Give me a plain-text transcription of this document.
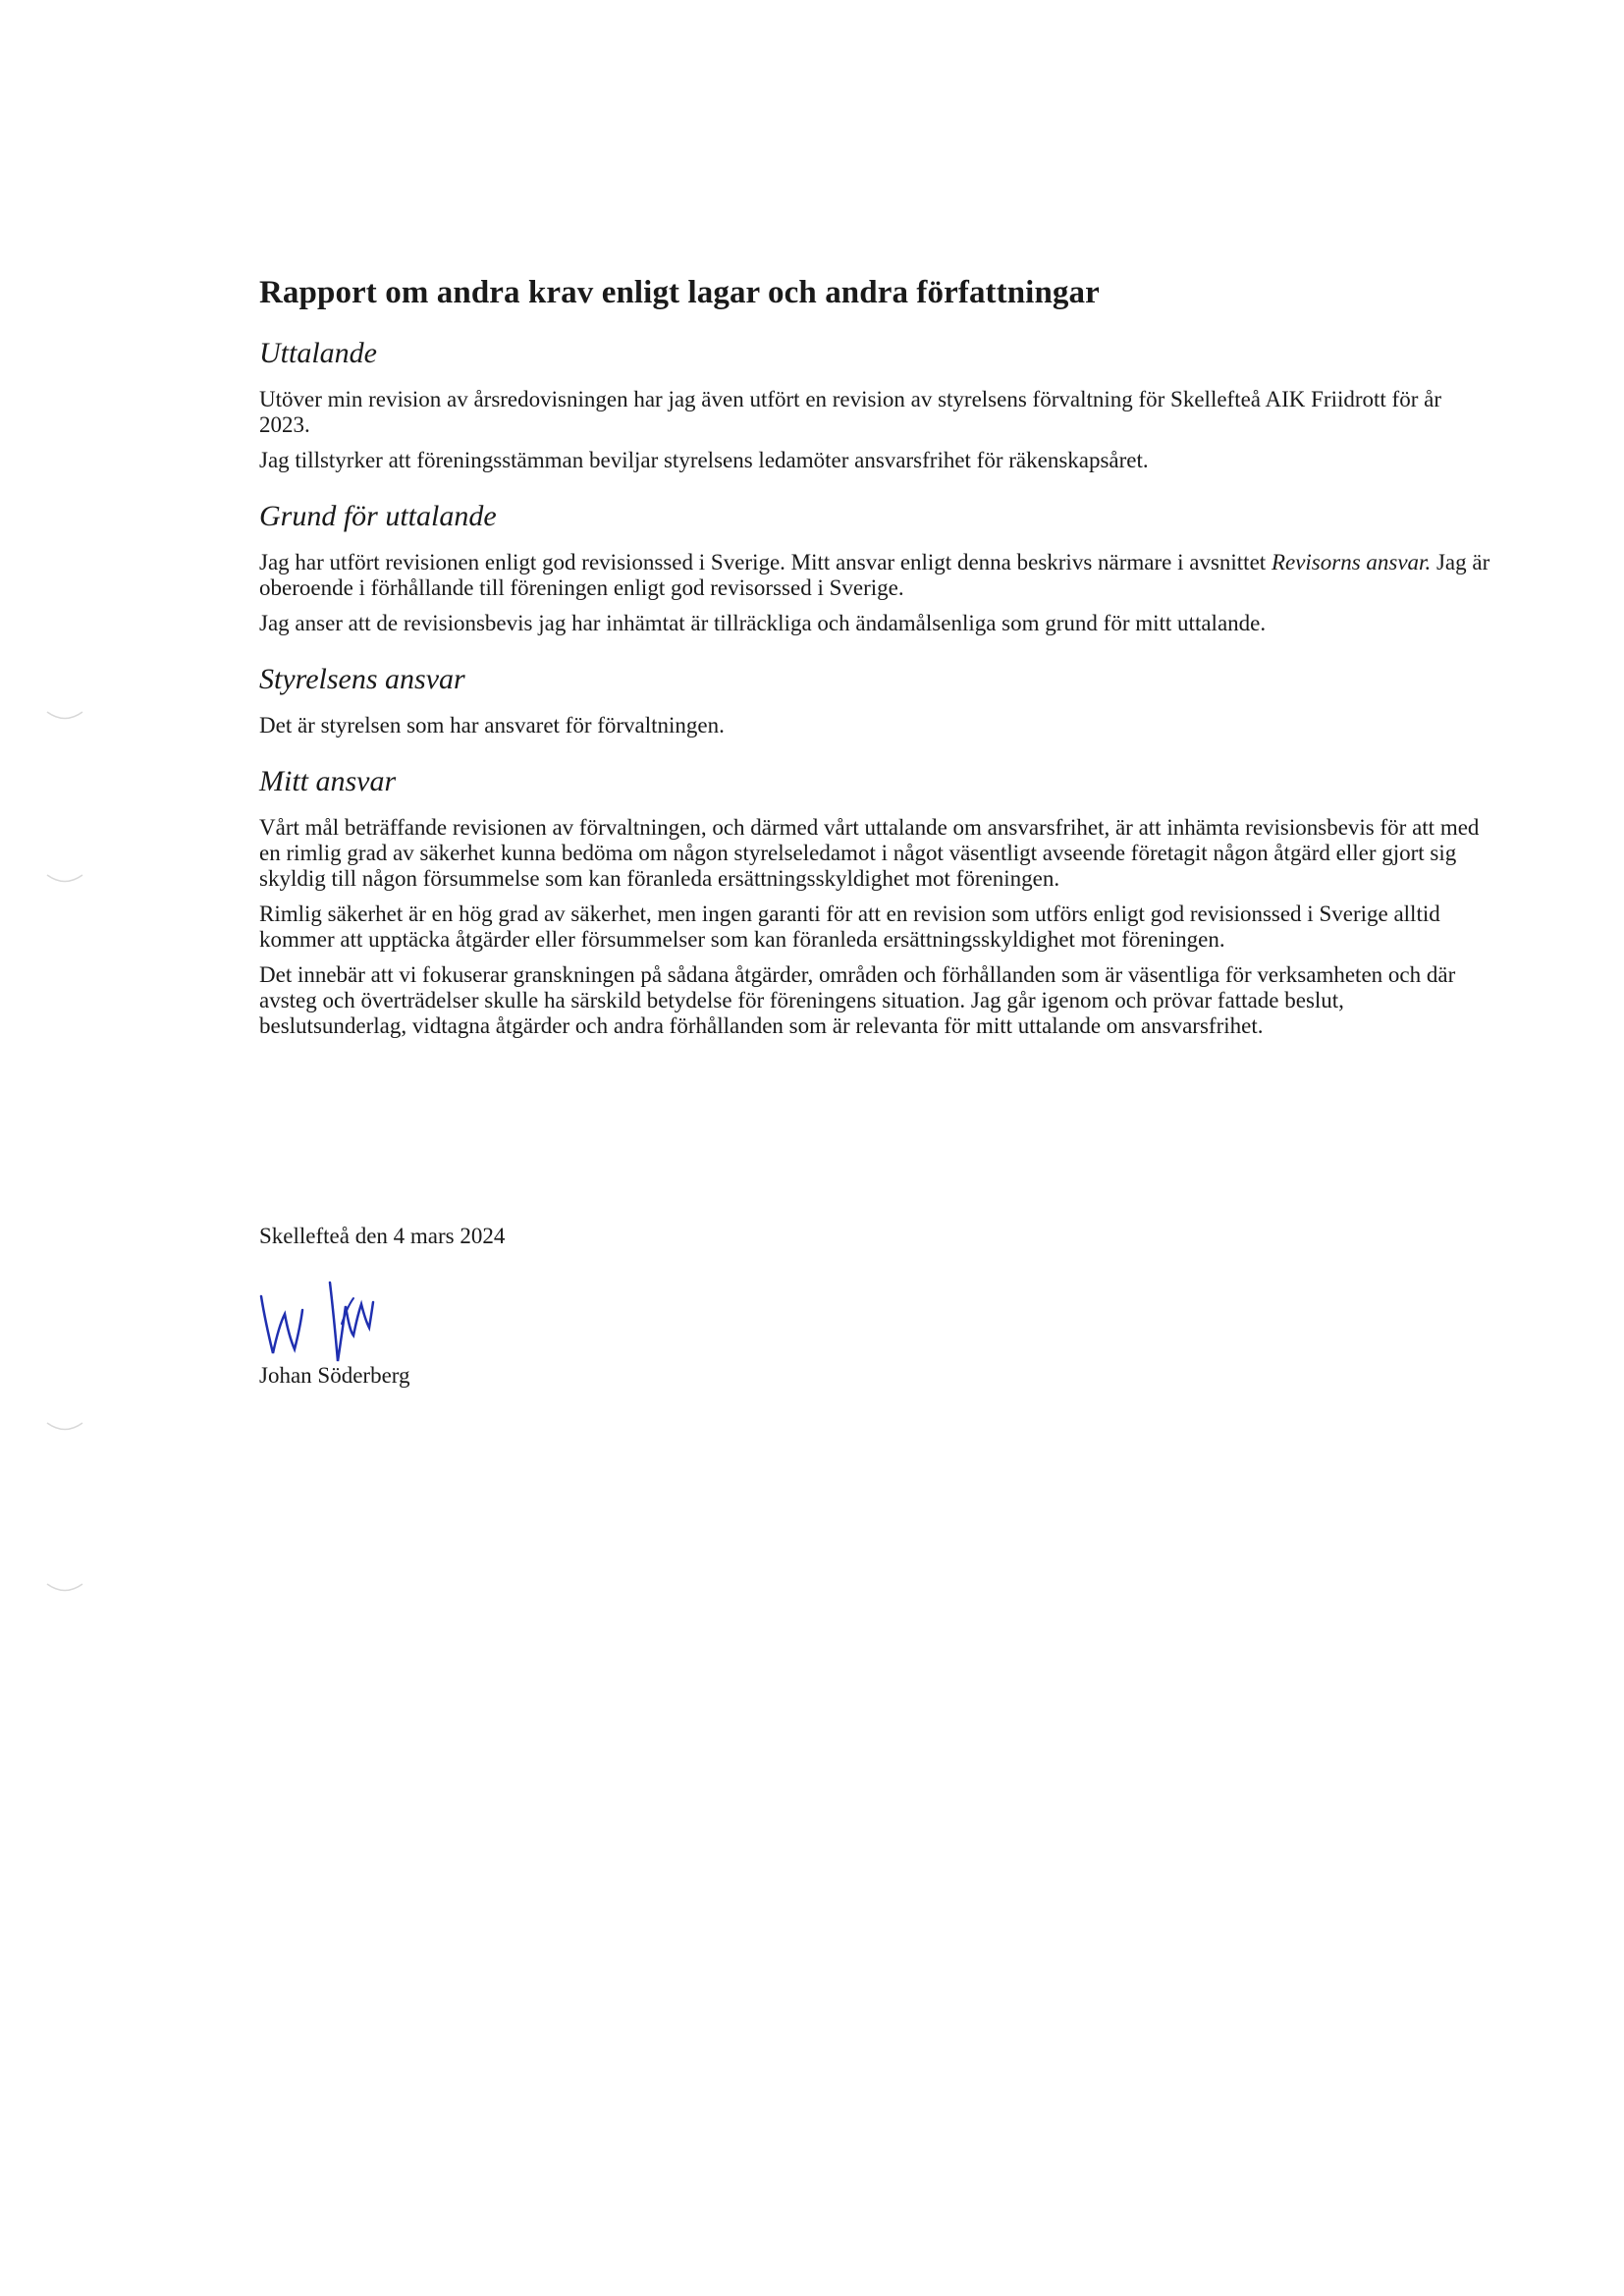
Rapport om andra krav enligt lagar och andra författningar
Uttalande

Utöver min revision av årsredovisningen har jag även utfört en revision av styrelsens förvaltning för Skellefteå AIK Friidrott för år 2023.

Jag tillstyrker att föreningsstämman beviljar styrelsens ledamöter ansvarsfrihet för räkenskapsåret.

Grund för uttalande

Jag har utfört revisionen enligt god revisionssed i Sverige. Mitt ansvar enligt denna beskrivs närmare i avsnittet Revisorns ansvar. Jag är oberoende i förhållande till föreningen enligt god revisorssed i Sverige.

Jag anser att de revisionsbevis jag har inhämtat är tillräckliga och ändamålsenliga som grund för mitt uttalande.

Styrelsens ansvar

Det är styrelsen som har ansvaret för förvaltningen.

Mitt ansvar

Vårt mål beträffande revisionen av förvaltningen, och därmed vårt uttalande om ansvarsfrihet, är att inhämta revisionsbevis för att med en rimlig grad av säkerhet kunna bedöma om någon styrelseledamot i något väsentligt avseende företagit någon åtgärd eller gjort sig skyldig till någon försummelse som kan föranleda ersättningsskyldighet mot föreningen.

Rimlig säkerhet är en hög grad av säkerhet, men ingen garanti för att en revision som utförs enligt god revisionssed i Sverige alltid kommer att upptäcka åtgärder eller försummelser som kan föranleda ersättningsskyldighet mot föreningen.

Det innebär att vi fokuserar granskningen på sådana åtgärder, områden och förhållanden som är väsentliga för verksamheten och där avsteg och överträdelser skulle ha särskild betydelse för föreningens situation. Jag går igenom och prövar fattade beslut, beslutsunderlag, vidtagna åtgärder och andra förhållanden som är relevanta för mitt uttalande om ansvarsfrihet.

Skellefteå den 4 mars 2024

Johan Söderberg
